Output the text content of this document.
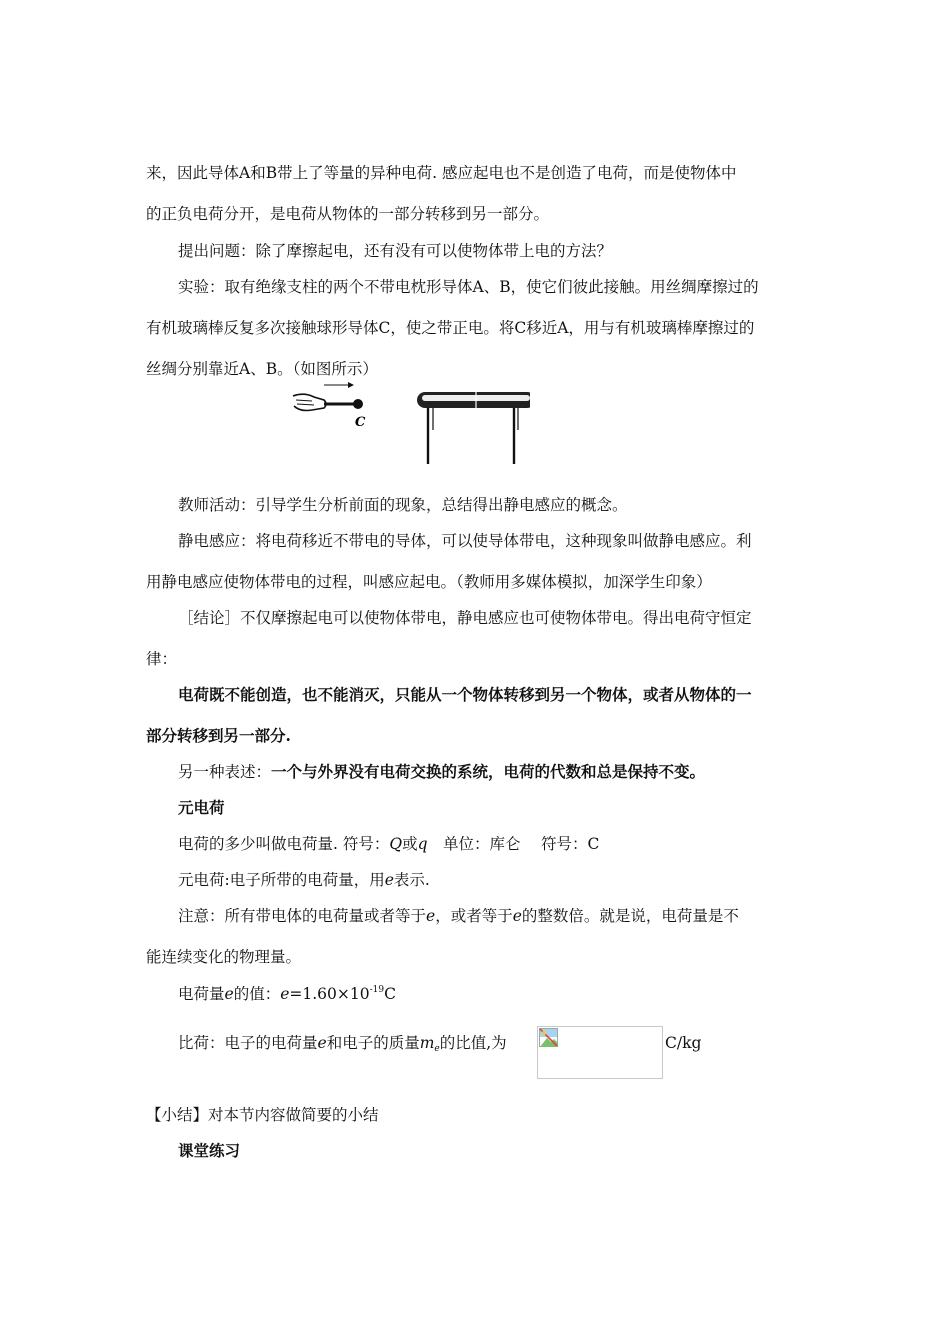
来，因此导体A和B带上了等量的异种电荷. 感应起电也不是创造了电荷，而是使物体中
的正负电荷分开，是电荷从物体的一部分转移到另一部分。
提出问题：除了摩擦起电，还有没有可以使物体带上电的方法？
实验：取有绝缘支柱的两个不带电枕形导体A、B，使它们彼此接触。用丝绸摩擦过的
有机玻璃棒反复多次接触球形导体C，使之带正电。将C移近A，用与有机玻璃棒摩擦过的
丝绸分别靠近A、B。（如图所示）
C
教师活动：引导学生分析前面的现象，总结得出静电感应的概念。
静电感应：将电荷移近不带电的导体，可以使导体带电，这种现象叫做静电感应。利
用静电感应使物体带电的过程，叫感应起电。（教师用多媒体模拟，加深学生印象）
［结论］不仅摩擦起电可以使物体带电，静电感应也可使物体带电。得出电荷守恒定
律：
电荷既不能创造，也不能消灭，只能从一个物体转移到另一个物体，或者从物体的一
部分转移到另一部分.
另一种表述：一个与外界没有电荷交换的系统，电荷的代数和总是保持不变。
元电荷
电荷的多少叫做电荷量. 符号：Q或q　单位：库仑　 符号：C
元电荷:电子所带的电荷量，用e表示.
注意：所有带电体的电荷量或者等于e，或者等于e的整数倍。就是说，电荷量是不
能连续变化的物理量。
电荷量e的值：$e=1.60\times 10^{-19}C$
比荷：电子的电荷量e和电子的质量$m_e$的比值,为	C/kg
【小结】对本节内容做简要的小结
课堂练习
